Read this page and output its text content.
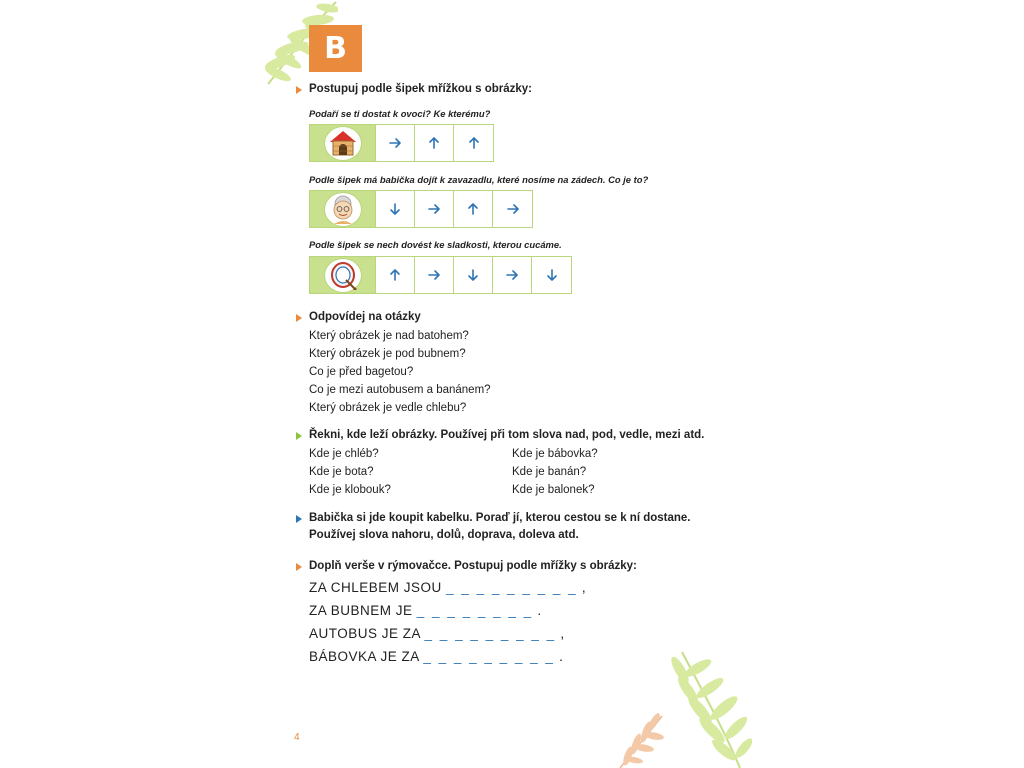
B
Postupuj podle šipek mřížkou s obrázky:
Podaří se ti dostat k ovoci? Ke kterému?
Podle šipek má babička dojít k zavazadlu, které nosíme na zádech. Co je to?
Podle šipek se nech dovést ke sladkosti, kterou cucáme.
Odpovídej na otázky
Který obrázek je nad batohem?
Který obrázek je pod bubnem?
Co je před bagetou?
Co je mezi autobusem a banánem?
Který obrázek je vedle chlebu?
Řekni, kde leží obrázky. Používej při tom slova nad, pod, vedle, mezi atd.
Kde je chléb?
Kde je bota?
Kde je klobouk?
Kde je bábovka?
Kde je banán?
Kde je balonek?
Babička si jde koupit kabelku. Poraď jí, kterou cestou se k ní dostane.
Používej slova nahoru, dolů, doprava, doleva atd.
Doplň verše v rýmovačce. Postupuj podle mřížky s obrázky:
ZA CHLEBEM JSOU _ _ _ _ _ _ _ _ _ ,
ZA BUBNEM JE _ _ _ _ _ _ _ _ .
AUTOBUS JE ZA _ _ _ _ _ _ _ _ _ ,
BÁBOVKA JE ZA _ _ _ _ _ _ _ _ _ .
4
